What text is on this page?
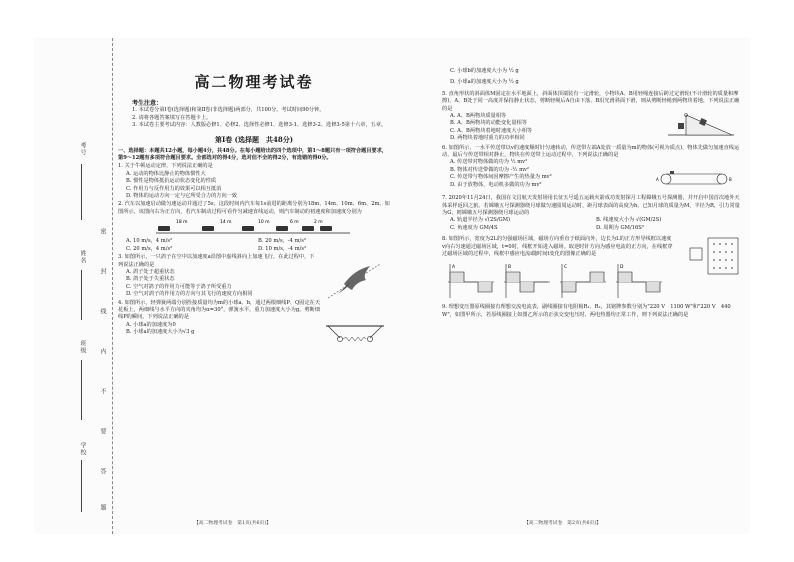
考号
姓名
班级
学校
密
封
线
内
不
要
答
题
高二物理考试卷
考生注意：
1. 本试卷分第Ⅰ卷(选择题)和第Ⅱ卷(非选择题)两部分，共100分。考试时间90分钟。
2. 请将各题答案填写在答题卡上。
3. 本试卷主要考试内容：人教版必修1、必修2、选择性必修1、选修3-1、选修3-2、选修3-5第十六章，五章。
第Ⅰ卷 (选择题　共48分)
一、选择题：本题共12小题，每小题4分，共48分。在每小题给出的四个选项中，第1～8题只有一项符合题目要求，第9～12题有多项符合题目要求。全部选对的得4分，选对但不全的得2分，有选错的得0分。
1. 关于牛顿运动定律，下列说法正确的是
A. 运动的物体比静止的物体惯性大
B. 惯性是物体抵抗运动状态变化的性质
C. 作用力与反作用力的效果可以相互抵消
D. 物体的运动方向一定与它所受合力的方向一致
2. 汽车以加速启动做匀速运动并通过了5s，这段时间内汽车每1s前进的距离分别为18m、14m、10m、6m、2m。如图所示，该图向右为正方向，若汽车制动过程可看作匀减速直线运动，则汽车制动的初速度和加速度分别为
18 m	14 m	10 m	6 m	2 m
A. 10 m/s，4 m/s²	B. 20 m/s，-4 m/s²
C. 20 m/s，4 m/s²	D. 10 m/s，-4 m/s²
3. 如图所示，一只鸽子在空中以加速度a沿图中虚线斜向上加速飞行，在此过程中，下列说法正确的是
A. 鸽子处于超重状态
B. 鸽子处于失重状态
C. 空气对鸽子的作用力可能等于鸽子所受重力
D. 空气对鸽子的作用力的方向与其飞行的速度方向相同
4. 如图所示，轻弹簧两端分别拴接质量均为m的小球a、b，通过两根细线P、Q固定在天花板上，两细线与水平方向的夹角均为α=30°，弹簧水平，重力加速度大小为g。剪断细线P的瞬间，下列说法正确的是
A. 小球a的加速度为0
B. 小球a的加速度大小为√3 g
【高二物理考试卷　第1页(共6页)】
C. 小球b的加速度大小为 ½ g
D. 小球a的加速度大小为 ½ g
5. 直角形状的斜面体M固定在水平地面上，斜面体顶端装有一定滑轮，小物块A、B用轻绳连接后跨过定滑轮(不计滑轮的质量和摩擦)，A、B处于同一高度并保持静止状态，剪断轻绳后A自由下落、B沿光滑斜面下滑，则从剪断轻绳到两物块着地，下列说法正确的是
A. A、B两物块质量相等
B. A、B两物块的动能变化量相等
C. A、B两物块着地时速度大小相等
D. 两物块着地时重力的功率相同
6. 如图所示，一水平传送带以v的速度顺时针匀速转动，传送带左端A处放一质量为m的物体(可视为质点)，物体先做匀加速直线运动，最后与传送带相对静止，物块在传送带上运动过程中，下列说法正确的是
A. 传送带对物体做的功为 ½ mv²
B. 物体对传送带做的功为 -½ mv²
C. 传送带与物体间因摩擦产生的热量为 mv²
D. 由于放物体，电动机多做的功为 mv²
A	B
7. 2020年11月24日，我国在文昌航天发射场用长征五号遥五运载火箭成功发射探月工程嫦娥五号探测器，并开启中国首次地外天体采样返回之旅。若嫦娥五号探测器绕月球做匀速圆周运动时，距月球表面的高度为h，已知月球的质量为M，半径为R，引力常量为G，则嫦娥五号探测器绕月球运动的
A. 轨道半径为 √(2S/GM)	B. 线速度大小为 √(GM/2S)
C. 角速度为 GM/4S	D. 周期为 GM/16S²
8. 如图所示，宽度为2L的匀强磁场区域，磁场方向垂直于纸面向外，边长为L的正方形导线框以速度v向右匀速通过磁场区域，t=0时，线框开始进入磁场。取逆时针方向为感应电流的正方向，在线框穿过磁场区域的过程中，线框中感应电流i随时间t变化的图像正确的是
A	B	C	D
9. 理想变压器原线圈接有理想交流电流表，副线圈接有电阻箱R₁、R₂，其铭牌参数分别为"220 V　1100 W"和"220 V　440 W"，如图甲所示，若原线圈接上如图乙所示的正弦交变电压时，两电热器均正常工作，则下列说法正确的是
【高二物理考试卷　第2页(共6页)】
